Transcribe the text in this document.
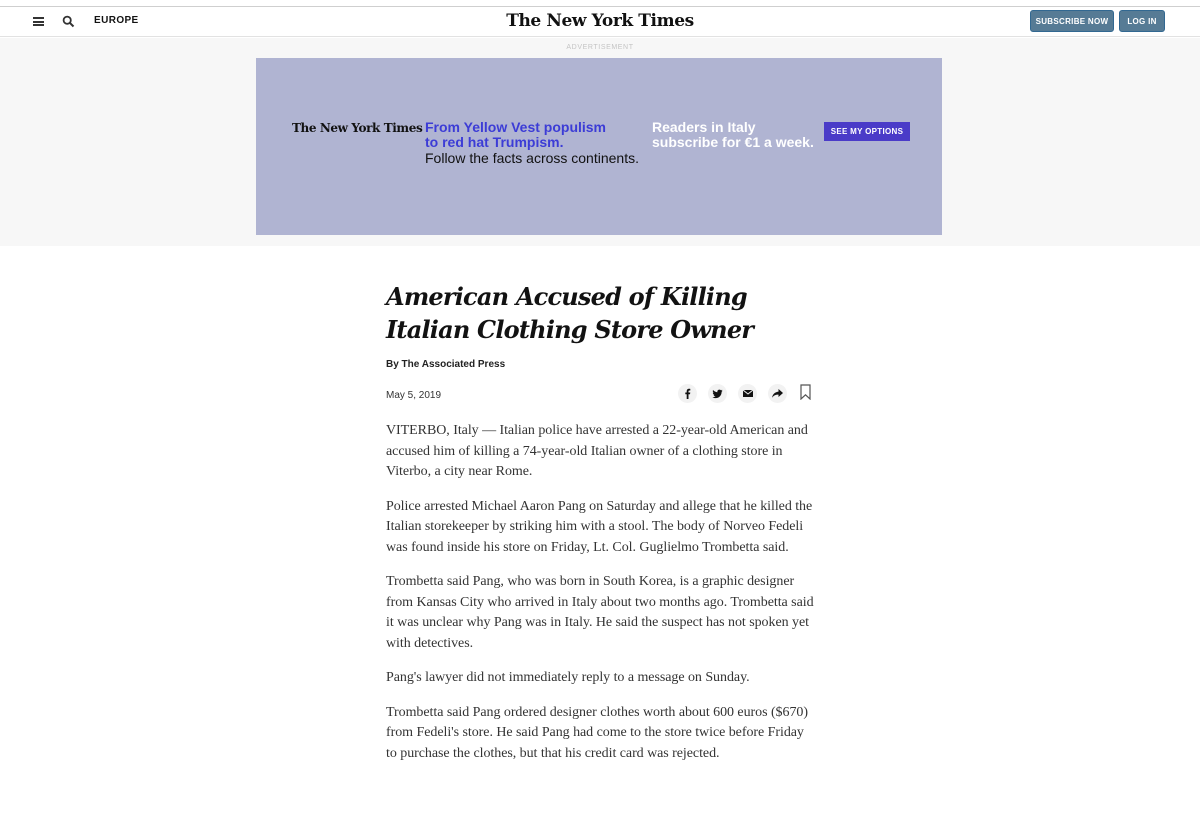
EUROPE	The New York Times	SUBSCRIBE NOW	LOG IN
ADVERTISEMENT
The New York Times From Yellow Vest populism
to red hat Trumpism.
Follow the facts across continents.
Readers in Italy
subscribe for €1 a week.
SEE MY OPTIONS
American Accused of Killing
Italian Clothing Store Owner
By The Associated Press
May 5, 2019

VITERBO, Italy — Italian police have arrested a 22-year-old American and accused him of killing a 74-year-old Italian owner of a clothing store in Viterbo, a city near Rome.

Police arrested Michael Aaron Pang on Saturday and allege that he killed the Italian storekeeper by striking him with a stool. The body of Norveo Fedeli was found inside his store on Friday, Lt. Col. Guglielmo Trombetta said.

Trombetta said Pang, who was born in South Korea, is a graphic designer from Kansas City who arrived in Italy about two months ago. Trombetta said it was unclear why Pang was in Italy. He said the suspect has not spoken yet with detectives.

Pang's lawyer did not immediately reply to a message on Sunday.

Trombetta said Pang ordered designer clothes worth about 600 euros ($670) from Fedeli's store. He said Pang had come to the store twice before Friday to purchase the clothes, but that his credit card was rejected.
